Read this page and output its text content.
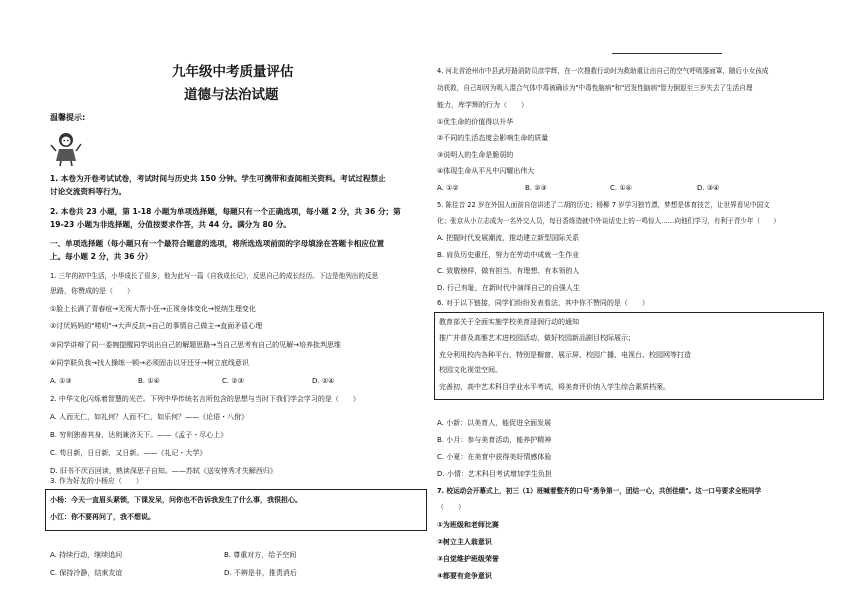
九年级中考质量评估
道德与法治试题
温馨提示:
1. 本卷为开卷考试试卷，考试时间与历史共 150 分钟。学生可携带和查阅相关资料。考试过程禁止
讨论交流资料等行为。
2. 本卷共 23 小题，第 1-18 小题为单项选择题，每题只有一个正确选项，每小题 2 分，共 36 分；第
19-23 小题为非选择题，分值按要求作答，共 44 分。满分为 80 分。
一、单项选择题（每小题只有一个最符合题意的选项，将所选选项前面的字母填涂在答题卡相应位置
上。每小题 2 分，共 36 分）
1. 三年的初中生活，小华成长了很多，他为此写一篇《自我成长记》，反思自己的成长经历。下边是他列出的反思
思路，你赞成的是（　　）
①脸上长满了青春痘→无视大帮小狂→正视身体变化→悦纳生理变化
②讨厌妈妈的"唠叨"→大声反抗→自己的事情自己做主→直面矛盾心理
③同学讲辩了同一委婉提醒同学说出自己的解题思路→当自己思考有自己的见解→培养批判思维
④同学联负我→找人操练一顿→必须固击以牙还牙→树立底线意识
A. ①③	B. ①④	C. ②③	D. ②④
2. 中华文化闪烁着智慧的光芒。下列中华传统名言所包含的思想与当时下我们学会学习的是（　　）
A. 人而无仁，如礼何？人而不仁，如乐何？——《论语・八佾》
B. 穷则独善其身，达则兼济天下。——《孟子・尽心上》
C. 苟日新，日日新，又日新。——《礼记・大学》
D. 旧书不厌百回读，熟读深思子自知。——苏轼《送安惇秀才失解西归》
3. 作为好友的小杨应（　　）
小杨：今天一直眉头紧锁，下课发呆，问你也不告诉我发生了什么事，我很担心。
小江：你不要再问了，我不想说。
A. 持续行动，继续追问	B. 尊重对方，给予空间
C. 保持冷静，结束友谊	D. 不辨是非，推责消后
4. 河北省沧州市中县武圩路消防员彦学辉，在一次搜救行动时为救助重让出自己的空气呼吸器面罩，随后小女孩成
功获救，自己却因为吸入混合气体中毒被确诊为"中毒性脑病"和"迟发性脑病"智力倒退至三岁失去了生活自理
能力，库学辉的行为（　　）
①优生命的价值得以升华
②不同的生活态度会影响生命的质量
③说明人的生命是脆弱的
④体现生命从平凡中闪耀出伟大
A. ①②	B. ②③	C. ①④	D. ③④
5. 陈佳音 22 岁在外国人面前自信讲述了二胡的历史；杨柳 7 岁学习独竹漂，梦想是体育技艺，让世界看见中国文
化；张京从小立志成为一名外交人员，每日香练造就中外谈话史上的一鸣惊人……向他们学习，有利于青少年（　　）
A. 把握时代发展潮流，推动建立新型国际关系
B. 肩负历史重任，努力在劳动中成就一生作业
C. 致敬榜样，做有担当、有理想、有本领的人
D. 行己有耻，在新时代中演绎自己的自强人生
6. 对于以下链接，同学们纷纷发表看法，其中你不赞同的是（　　）
教育部关于全面实施学校美育浸润行动的通知
推广并普及高雅艺术进校园活动，做好校园新品剧目校际展示；
充分利用校内各种平台，特别是橱窗、展示屏、校园广播、电视台、校园网等打造
校园文化视觉空间。
完善初、高中艺术科目学业水平考试，将美育评价纳入学生综合素质档案。
A. 小新：以美育人，能促进全面发展
B. 小月：参与美育活动，能养护精神
C. 小夏：在美育中获得美好情感体验
D. 小情：艺术科目考试增加学生负担
7. 校运动会开幕式上，初三（1）班喊着整齐的口号"勇争第一，团结一心，共创佳绩"。这一口号要求全班同学
（　　）
①为班级和老师比赛
②树立主人翁意识
③自觉维护班级荣誉
④都要有竞争意识
